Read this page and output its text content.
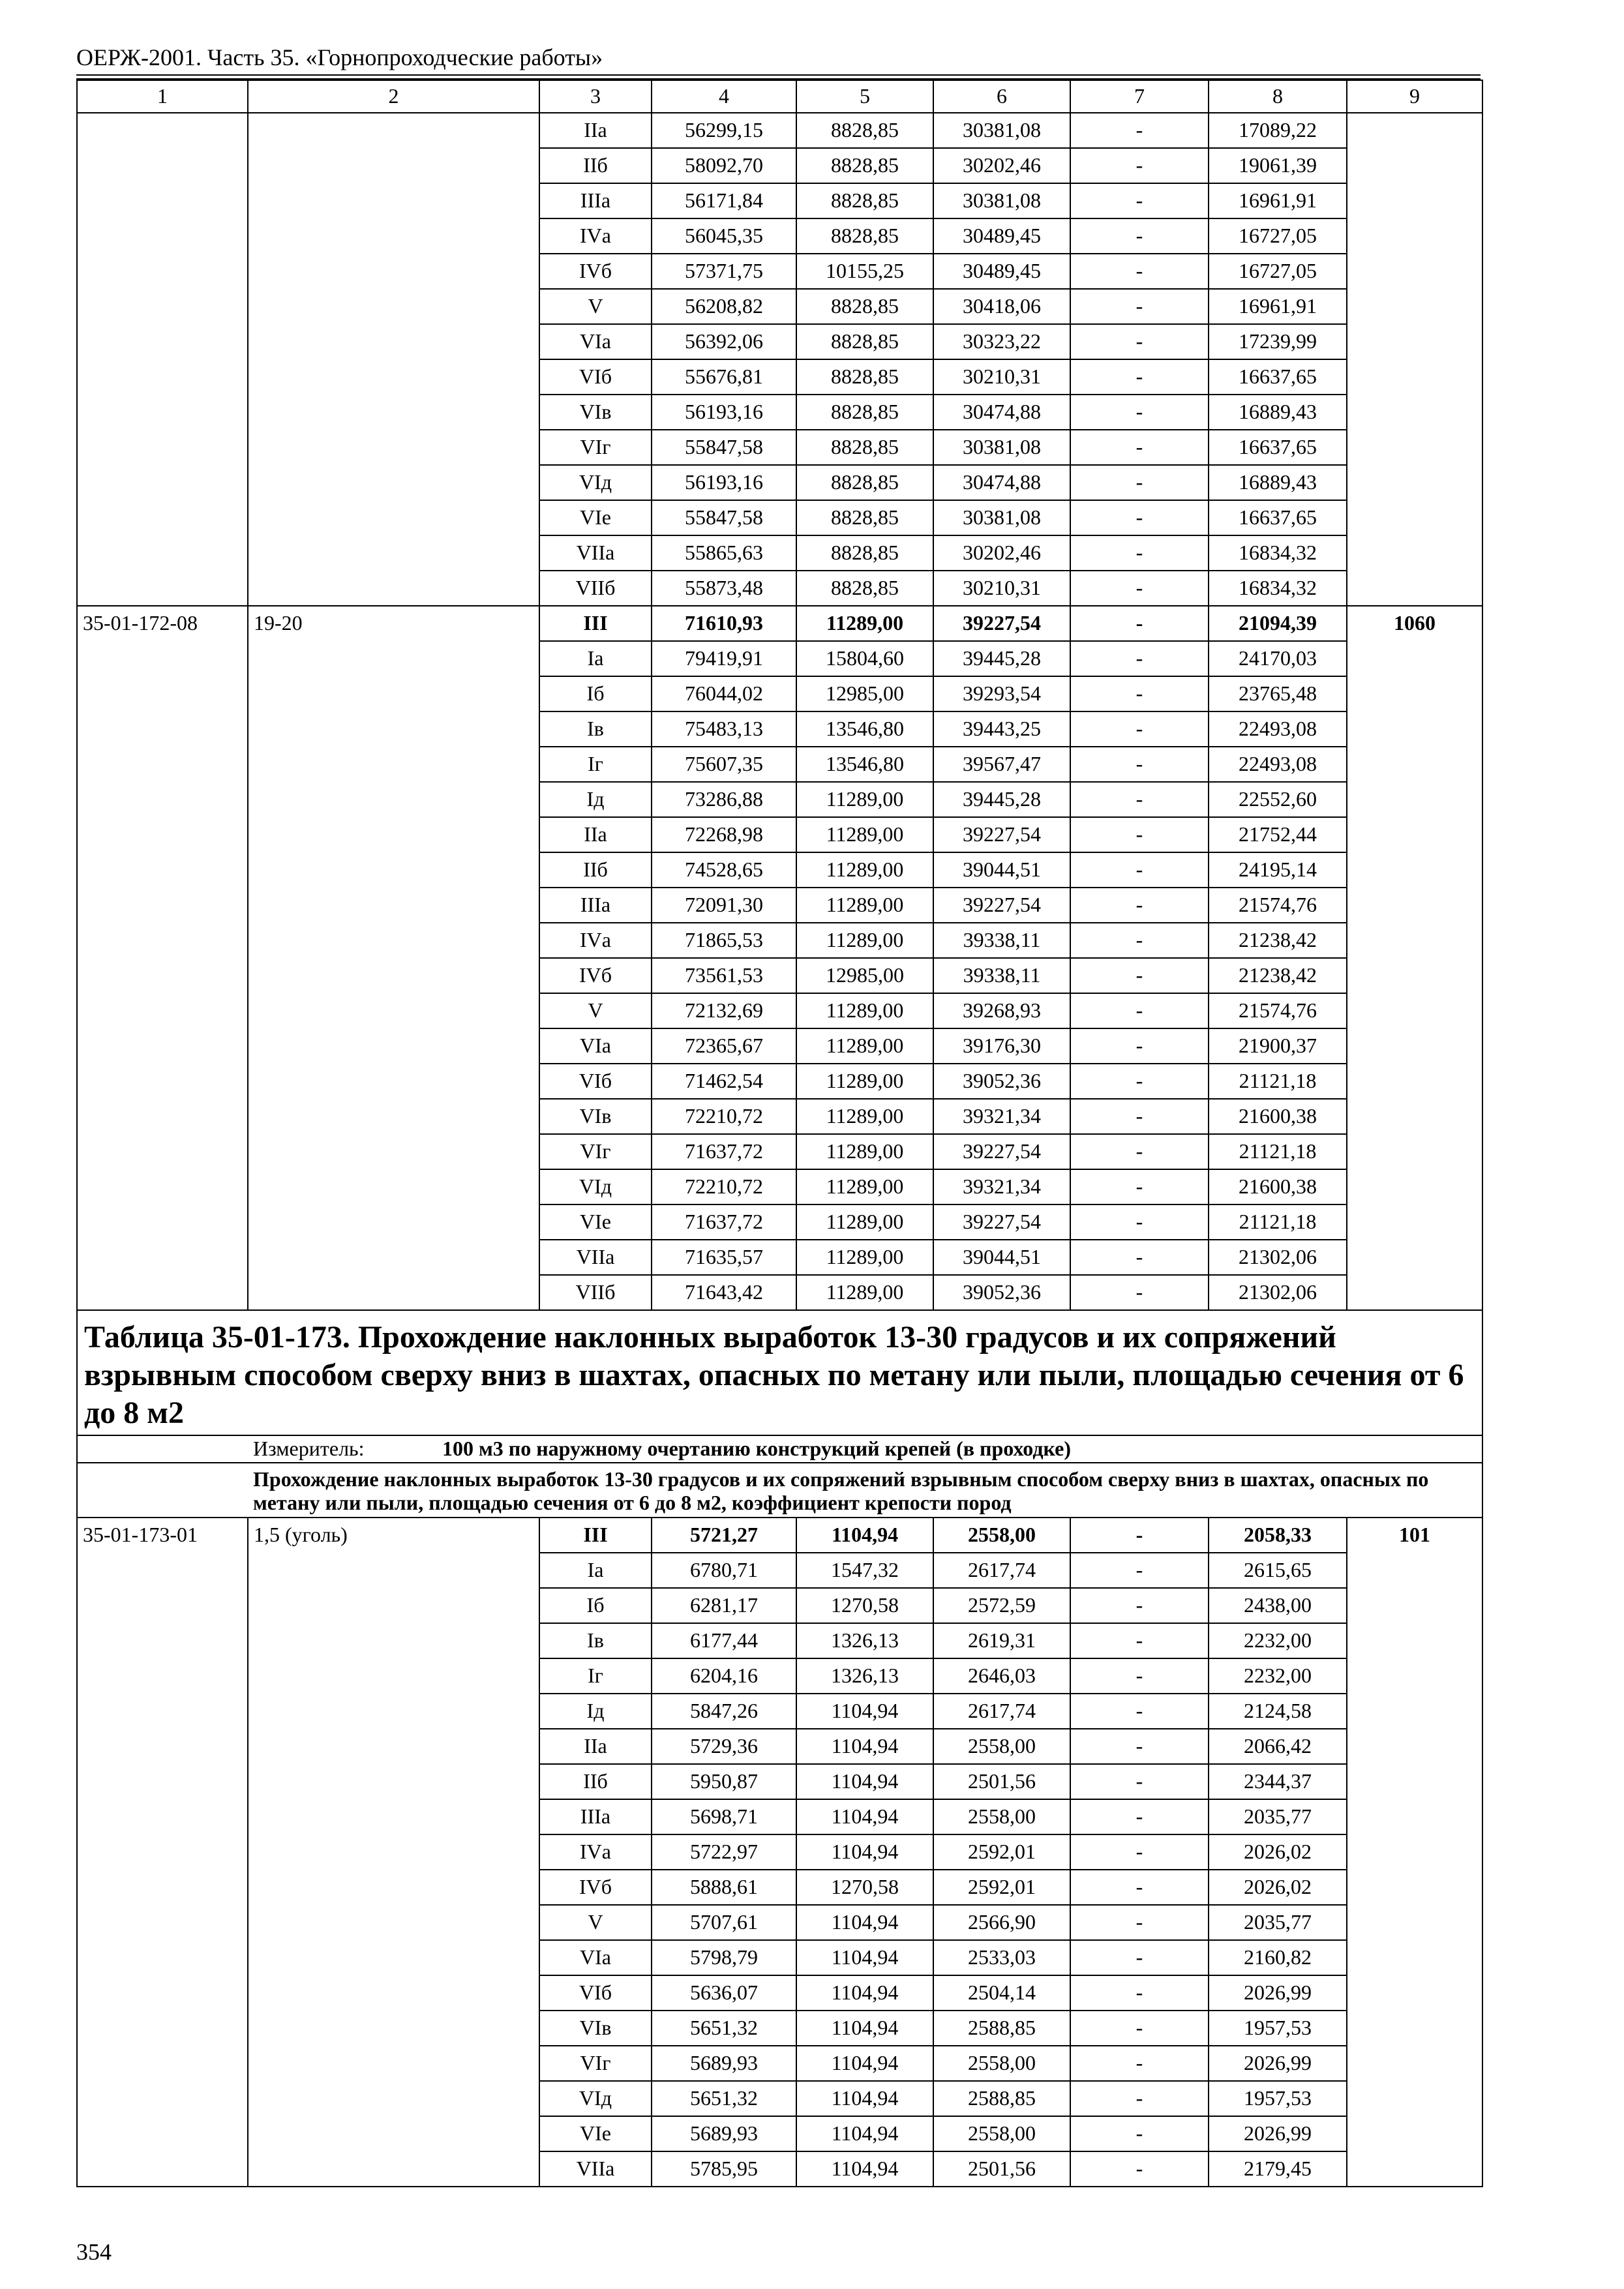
ОЕРЖ-2001. Часть 35. «Горнопроходческие работы»
1	2	3	4	5	6	7	8	9
		IIа	56299,15	8828,85	30381,08	-	17089,22	
		IIб	58092,70	8828,85	30202,46	-	19061,39	
		IIIа	56171,84	8828,85	30381,08	-	16961,91	
		IVа	56045,35	8828,85	30489,45	-	16727,05	
		IVб	57371,75	10155,25	30489,45	-	16727,05	
		V	56208,82	8828,85	30418,06	-	16961,91	
		VIа	56392,06	8828,85	30323,22	-	17239,99	
		VIб	55676,81	8828,85	30210,31	-	16637,65	
		VIв	56193,16	8828,85	30474,88	-	16889,43	
		VIг	55847,58	8828,85	30381,08	-	16637,65	
		VIд	56193,16	8828,85	30474,88	-	16889,43	
		VIе	55847,58	8828,85	30381,08	-	16637,65	
		VIIа	55865,63	8828,85	30202,46	-	16834,32	
		VIIб	55873,48	8828,85	30210,31	-	16834,32	
35-01-172-08	19-20	III	71610,93	11289,00	39227,54	-	21094,39	1060
		Iа	79419,91	15804,60	39445,28	-	24170,03	
		Iб	76044,02	12985,00	39293,54	-	23765,48	
		Iв	75483,13	13546,80	39443,25	-	22493,08	
		Iг	75607,35	13546,80	39567,47	-	22493,08	
		Iд	73286,88	11289,00	39445,28	-	22552,60	
		IIа	72268,98	11289,00	39227,54	-	21752,44	
		IIб	74528,65	11289,00	39044,51	-	24195,14	
		IIIа	72091,30	11289,00	39227,54	-	21574,76	
		IVа	71865,53	11289,00	39338,11	-	21238,42	
		IVб	73561,53	12985,00	39338,11	-	21238,42	
		V	72132,69	11289,00	39268,93	-	21574,76	
		VIа	72365,67	11289,00	39176,30	-	21900,37	
		VIб	71462,54	11289,00	39052,36	-	21121,18	
		VIв	72210,72	11289,00	39321,34	-	21600,38	
		VIг	71637,72	11289,00	39227,54	-	21121,18	
		VIд	72210,72	11289,00	39321,34	-	21600,38	
		VIе	71637,72	11289,00	39227,54	-	21121,18	
		VIIа	71635,57	11289,00	39044,51	-	21302,06	
		VIIб	71643,42	11289,00	39052,36	-	21302,06	
Таблица 35-01-173. Прохождение наклонных выработок 13-30 градусов и их сопряжений взрывным способом сверху вниз в шахтах, опасных по метану или пыли, площадью сечения от 6 до 8 м2								
	Измеритель: 100 м3 по наружному очертанию конструкций крепей (в проходке)							
	Прохождение наклонных выработок 13-30 градусов и их сопряжений взрывным способом сверху вниз в шахтах, опасных по метану или пыли, площадью сечения от 6 до 8 м2, коэффициент крепости пород							
35-01-173-01	1,5 (уголь)	III	5721,27	1104,94	2558,00	-	2058,33	101
		Iа	6780,71	1547,32	2617,74	-	2615,65	
		Iб	6281,17	1270,58	2572,59	-	2438,00	
		Iв	6177,44	1326,13	2619,31	-	2232,00	
		Iг	6204,16	1326,13	2646,03	-	2232,00	
		Iд	5847,26	1104,94	2617,74	-	2124,58	
		IIа	5729,36	1104,94	2558,00	-	2066,42	
		IIб	5950,87	1104,94	2501,56	-	2344,37	
		IIIа	5698,71	1104,94	2558,00	-	2035,77	
		IVа	5722,97	1104,94	2592,01	-	2026,02	
		IVб	5888,61	1270,58	2592,01	-	2026,02	
		V	5707,61	1104,94	2566,90	-	2035,77	
		VIа	5798,79	1104,94	2533,03	-	2160,82	
		VIб	5636,07	1104,94	2504,14	-	2026,99	
		VIв	5651,32	1104,94	2588,85	-	1957,53	
		VIг	5689,93	1104,94	2558,00	-	2026,99	
		VIд	5651,32	1104,94	2588,85	-	1957,53	
		VIе	5689,93	1104,94	2558,00	-	2026,99	
		VIIа	5785,95	1104,94	2501,56	-	2179,45	
354
